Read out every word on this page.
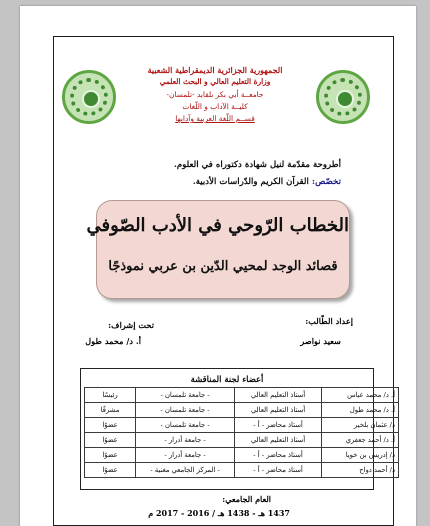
الجمهورية الجزائرية الديمقراطية الشعبية
وزارة التعليم العالي و البحث العلمي
جامعــة أبي بكر بلقايد -تلمسان-
كليــة الآداب و اللّغات
قســم اللّغة العربية وآدابها
أطروحة مقدّمة لنيل شهادة دكتوراه في العلوم.
تخصّص: القرآن الكريم والدّراسات الأدبية.
الخطاب الرّوحي في الأدب الصّوفي
قصائد الوجد لمحيي الدّين بن عربي نموذجًا
إعداد الطّالب:
سعيد نواصر
تحت إشراف:
أ. د/ محمد طول
أعضاء لجنة المناقشة
أ. د/ محمد عباس	أستاذ التعليم العالي	- جامعة تلمسان -	رئيسًا
أ. د/ محمد طول	أستاذ التعليم العالي	- جامعة تلمسان -	مشرفًا
د/ عثمان بلخير	أستاذ محاضر - أ -	- جامعة تلمسان -	عضوًا
أ. د/ أحمد جعفري	أستاذ التعليم العالي	- جامعة أدرار -	عضوًا
د/ إدريس بن خويا	أستاذ محاضر - أ -	- جامعة أدرار -	عضوًا
د/ أحمد دواح	أستاذ محاضر - أ -	- المركز الجامعي مغنية -	عضوًا
العام الجامعي:
1437 هـ - 1438 هـ / 2016 - 2017 م
